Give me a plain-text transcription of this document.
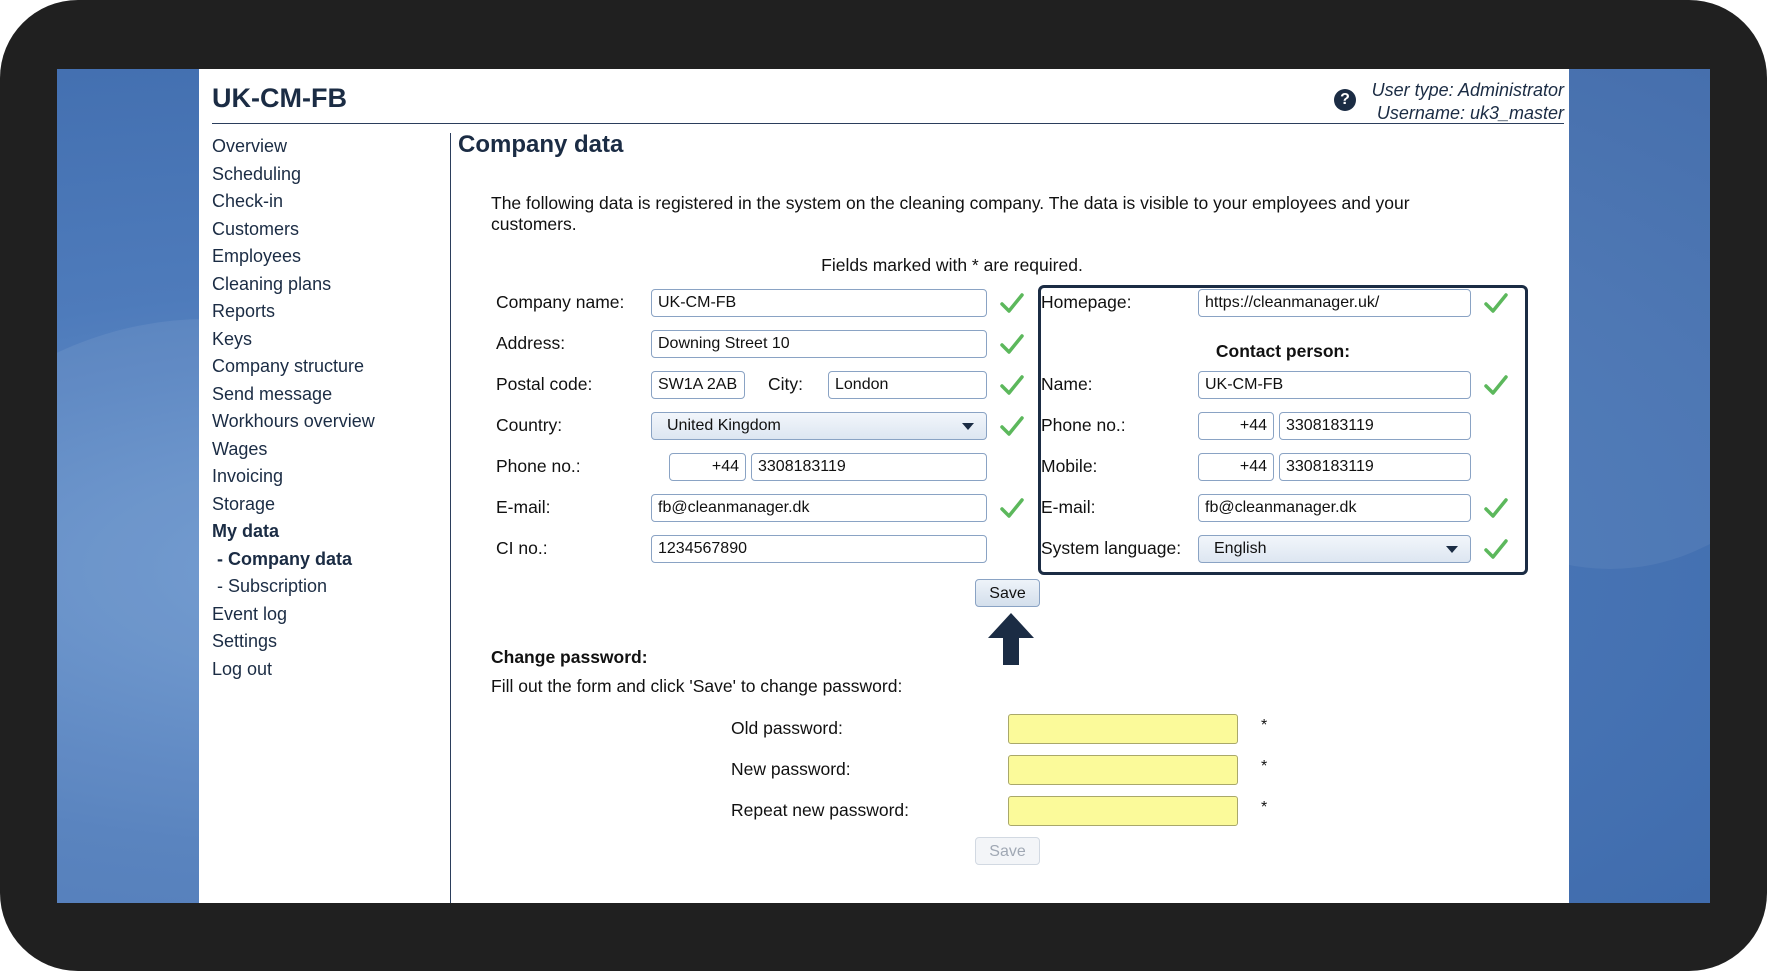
UK-CM-FB	?	User type: Administrator
Username: uk3_master
Overview
Scheduling
Check-in
Customers
Employees
Cleaning plans
Reports
Keys
Company structure
Send message
Workhours overview
Wages
Invoicing
Storage
My data
- Company data
- Subscription
Event log
Settings
Log out
Company data
The following data is registered in the system on the cleaning company. The data is visible to your employees and your customers.
Fields marked with * are required.
Company name:	UK-CM-FB
Address:	Downing Street 10
Postal code:	SW1A 2AB	City:	London
Country:	United Kingdom
Phone no.:	+44	3308183119
E-mail:	fb@cleanmanager.dk
CI no.:	1234567890
Homepage:	https://cleanmanager.uk/
Contact person:
Name:	UK-CM-FB
Phone no.:	+44	3308183119
Mobile:	+44	3308183119
E-mail:	fb@cleanmanager.dk
System language:	English
Save
Change password:
Fill out the form and click 'Save' to change password:
Old password:	*
New password:	*
Repeat new password:	*
Save
